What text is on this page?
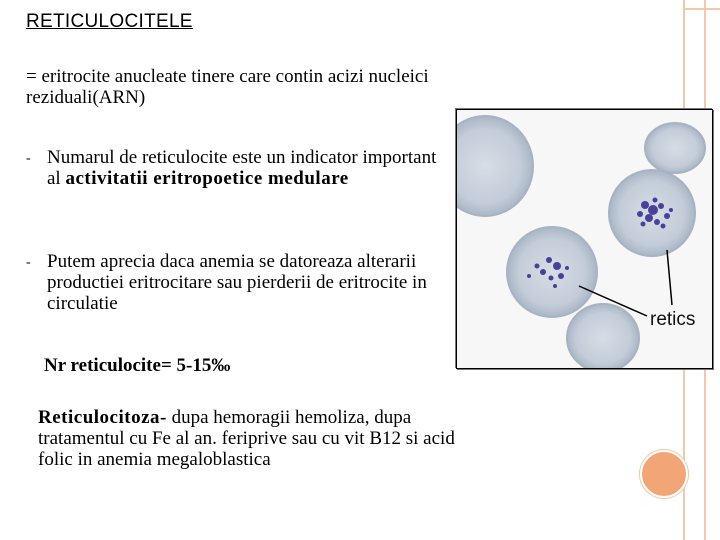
RETICULOCITELE
= eritrocite anucleate tinere care contin acizi nucleici reziduali(ARN)
- Numarul de reticulocite este un indicator important al activitatii eritropoetice medulare
- Putem aprecia daca anemia se datoreaza alterarii productiei eritrocitare sau pierderii de eritrocite in circulatie
Nr reticulocite= 5-15‰
Reticulocitoza- dupa hemoragii hemoliza, dupa tratamentul cu Fe al an. feriprive sau cu vit B12 si acid folic in anemia megaloblastica
retics
